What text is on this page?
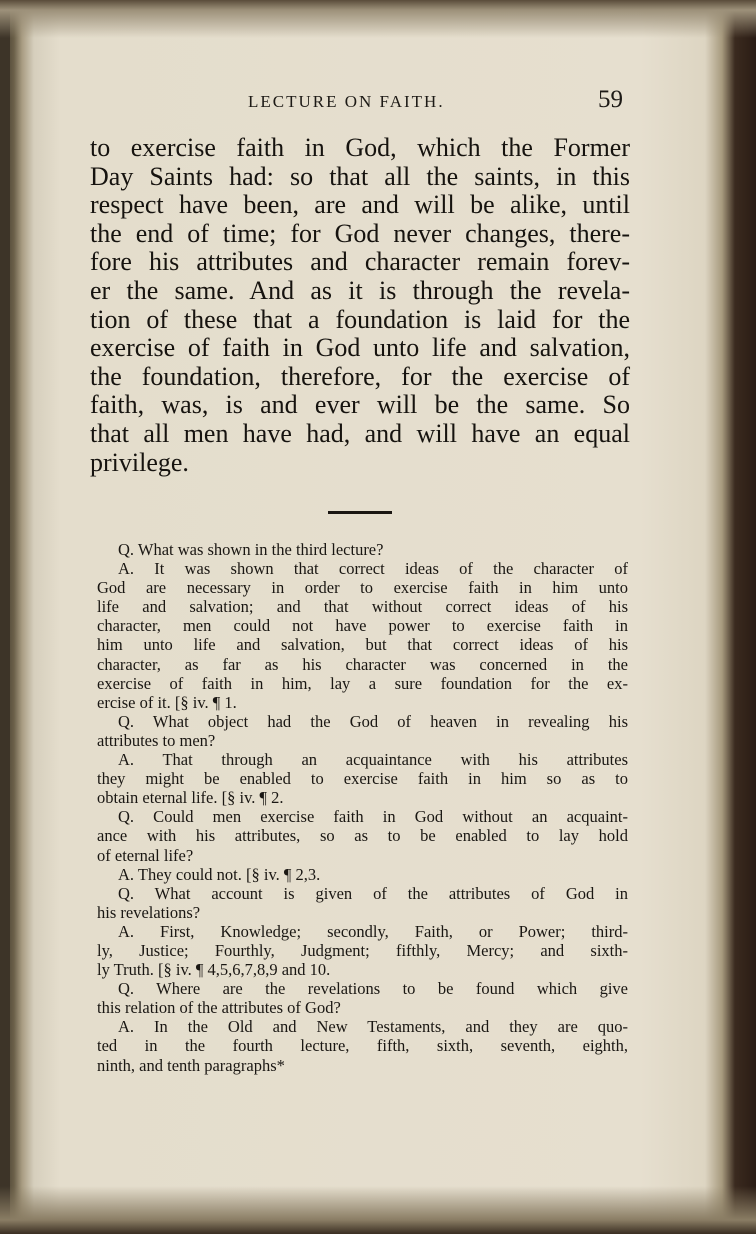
LECTURE ON FAITH.	59
to exercise faith in God, which the Former
Day Saints had: so that all the saints, in this
respect have been, are and will be alike, until
the end of time; for God never changes, there-
fore his attributes and character remain forev-
er the same. And as it is through the revela-
tion of these that a foundation is laid for the
exercise of faith in God unto life and salvation,
the foundation, therefore, for the exercise of
faith, was, is and ever will be the same. So
that all men have had, and will have an equal
privilege.
Q. What was shown in the third lecture?
A. It was shown that correct ideas of the character of
God are necessary in order to exercise faith in him unto
life and salvation; and that without correct ideas of his
character, men could not have power to exercise faith in
him unto life and salvation, but that correct ideas of his
character, as far as his character was concerned in the
exercise of faith in him, lay a sure foundation for the ex-
ercise of it. [§ iv. ¶ 1.
Q. What object had the God of heaven in revealing his
attributes to men?
A. That through an acquaintance with his attributes
they might be enabled to exercise faith in him so as to
obtain eternal life. [§ iv. ¶ 2.
Q. Could men exercise faith in God without an acquaint-
ance with his attributes, so as to be enabled to lay hold
of eternal life?
A. They could not. [§ iv. ¶ 2,3.
Q. What account is given of the attributes of God in
his revelations?
A. First, Knowledge; secondly, Faith, or Power; third-
ly, Justice; Fourthly, Judgment; fifthly, Mercy; and sixth-
ly Truth. [§ iv. ¶ 4,5,6,7,8,9 and 10.
Q. Where are the revelations to be found which give
this relation of the attributes of God?
A. In the Old and New Testaments, and they are quo-
ted in the fourth lecture, fifth, sixth, seventh, eighth,
ninth, and tenth paragraphs*
